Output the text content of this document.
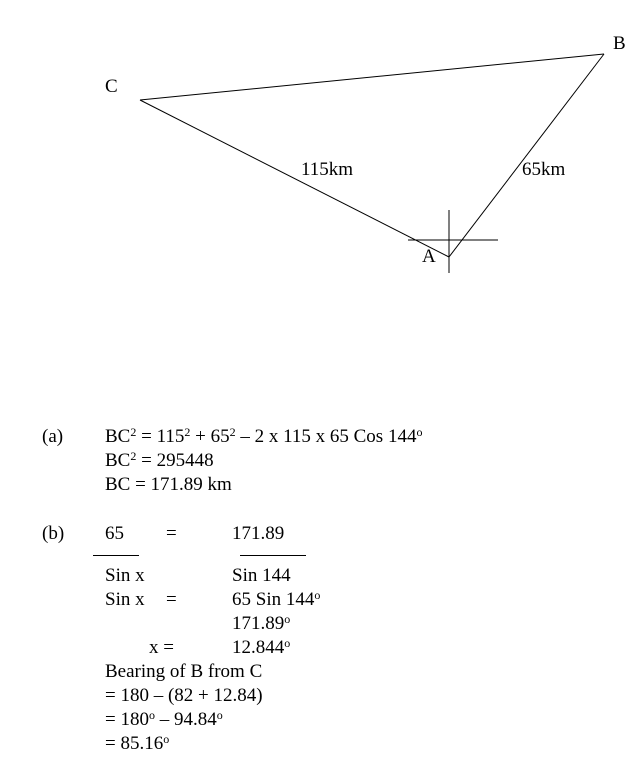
C
B
A
115km	65km
(a) $BC^2 = 115^2 + 65^2 - 2$ x 115 x 65 Cos 144$^o$
$BC^2 = 295448$
BC = 171.89 km
(b) 65 =	171.89
Sin x	Sin 144
Sin x =	65 Sin 144$^o$
171.89$^o$
x =	$12.844^o$
Bearing of B from C
= 180 – (82 + 12.84)
= $180^o - 94.84^o$
= $85.16^o$
